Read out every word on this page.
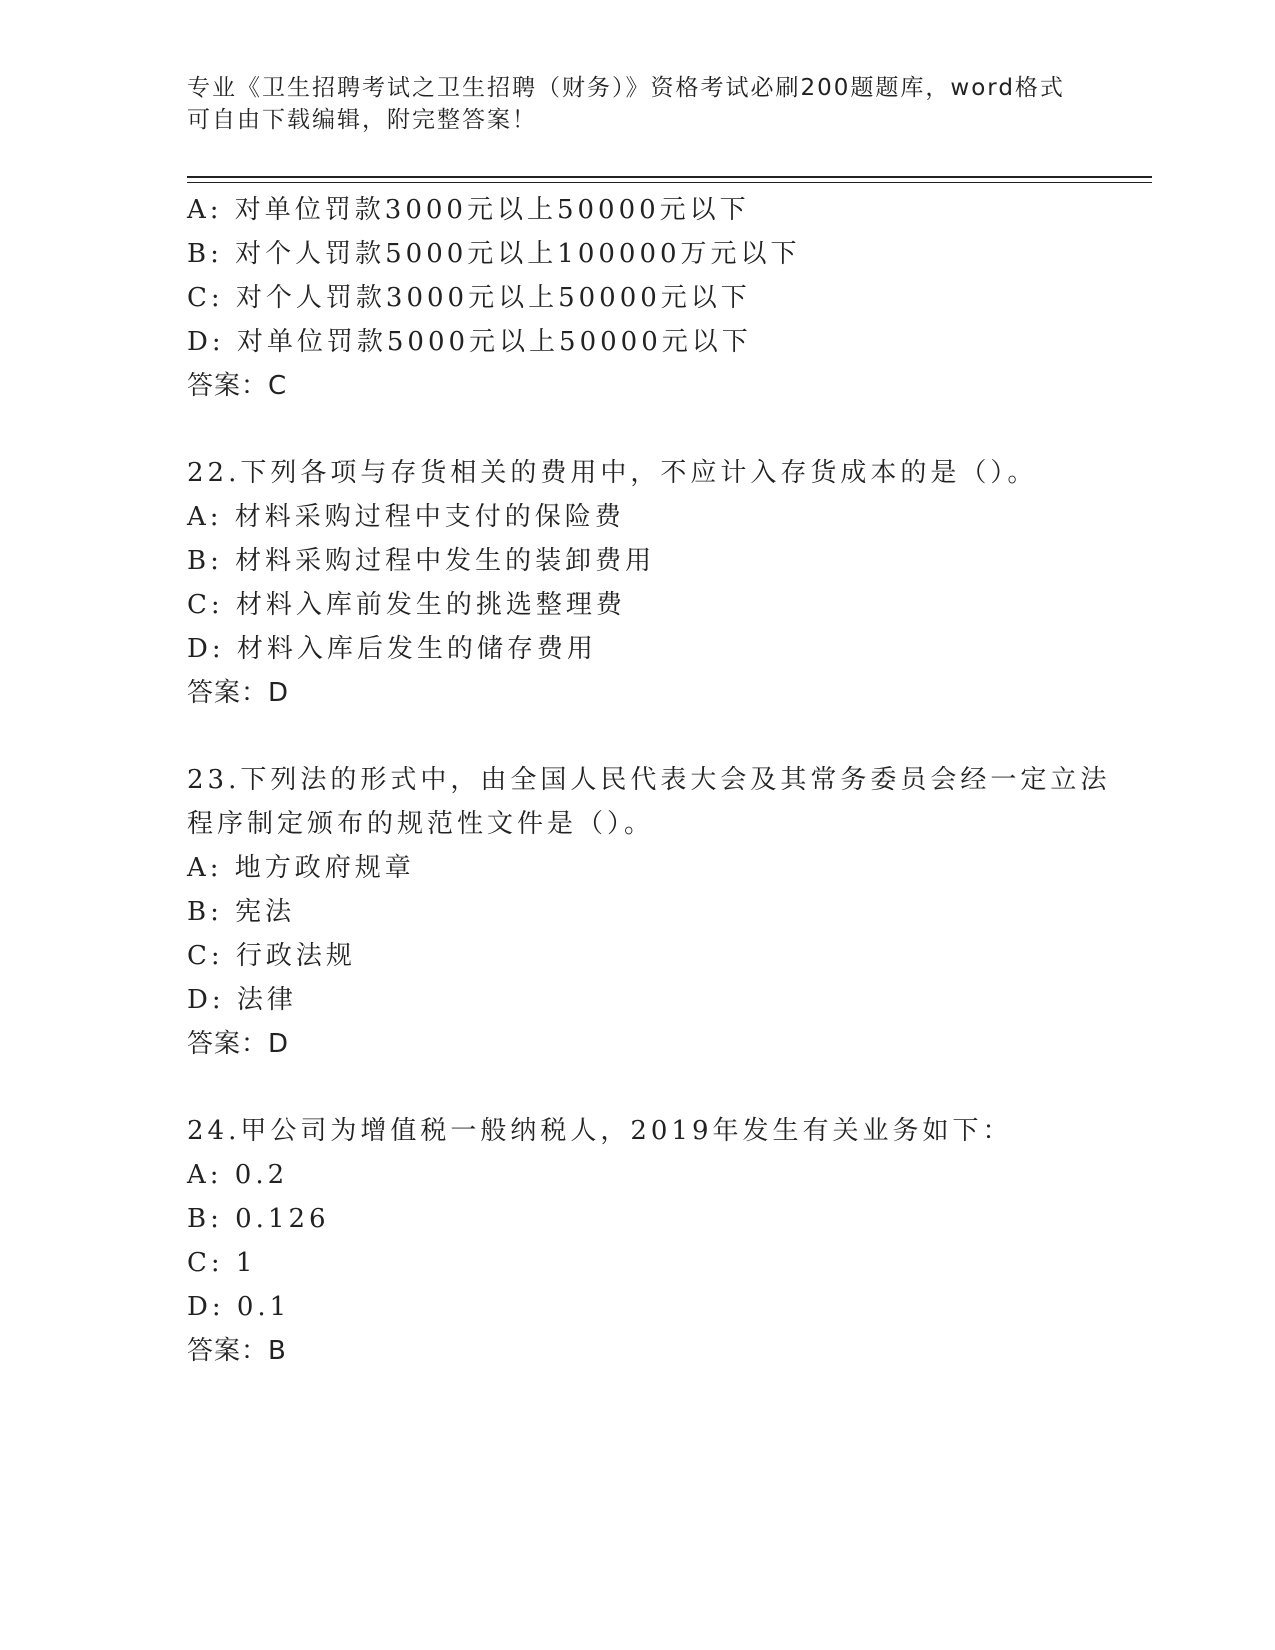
专业《卫生招聘考试之卫生招聘（财务）》资格考试必刷200题题库，word格式

可自由下载编辑，附完整答案！

A: 对单位罚款3000元以上50000元以下

B: 对个人罚款5000元以上100000万元以下

C: 对个人罚款3000元以上50000元以下

D: 对单位罚款5000元以上50000元以下

答案：C

22.下列各项与存货相关的费用中，不应计入存货成本的是（）。

A: 材料采购过程中支付的保险费

B: 材料采购过程中发生的装卸费用

C: 材料入库前发生的挑选整理费

D: 材料入库后发生的储存费用

答案：D

23.下列法的形式中，由全国人民代表大会及其常务委员会经一定立法

程序制定颁布的规范性文件是（）。

A: 地方政府规章

B: 宪法

C: 行政法规

D: 法律

答案：D

24.甲公司为增值税一般纳税人，2019年发生有关业务如下：

A: 0.2

B: 0.126

C: 1

D: 0.1

答案：B
